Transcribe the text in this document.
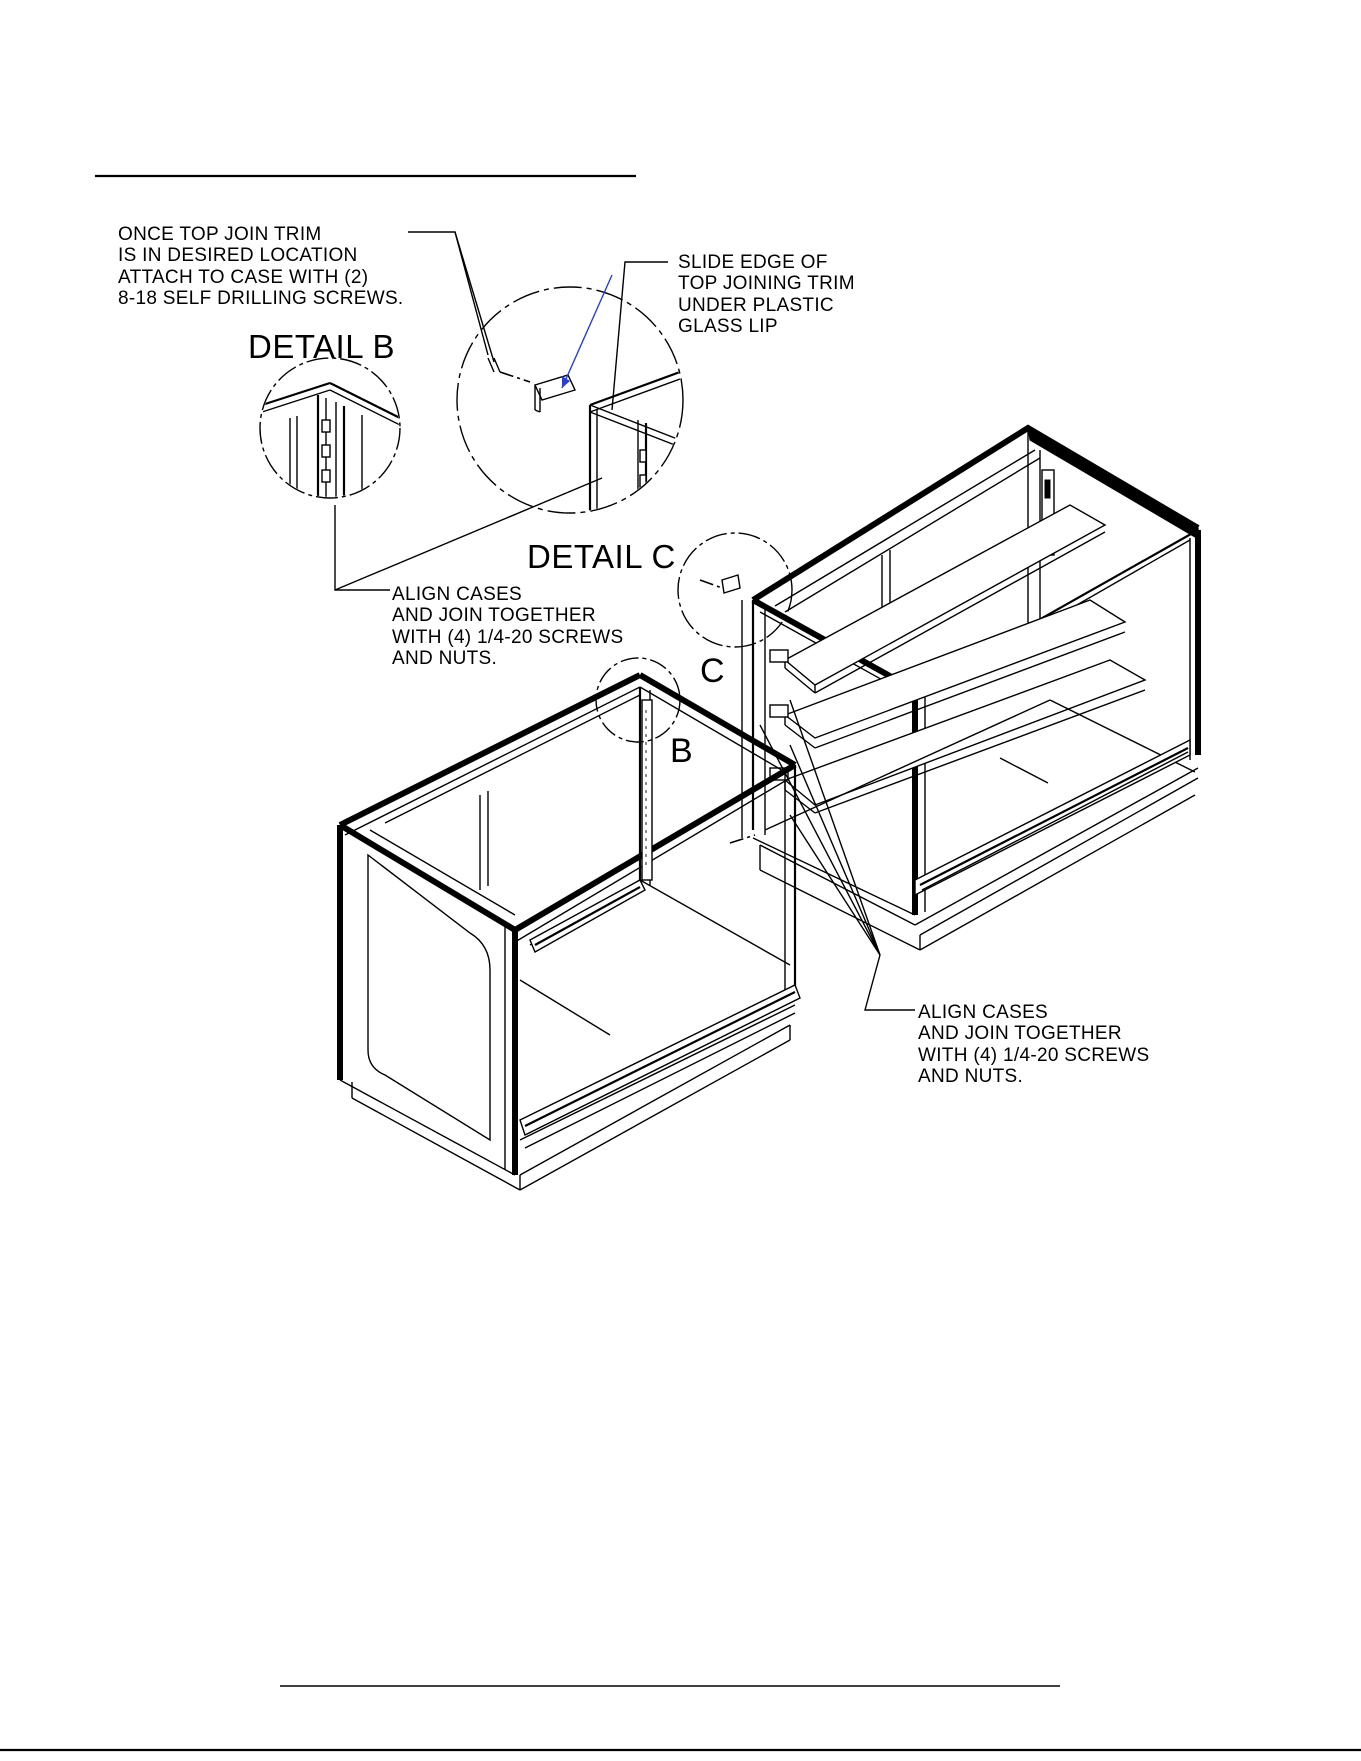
ONCE TOP JOIN TRIM
IS IN DESIRED LOCATION
ATTACH TO CASE WITH (2)
8-18 SELF DRILLING SCREWS.
DETAIL B
SLIDE EDGE OF
TOP JOINING TRIM
UNDER PLASTIC
GLASS LIP
DETAIL C
ALIGN CASES
AND JOIN TOGETHER
WITH (4) 1/4-20 SCREWS
AND NUTS.	C
B
ALIGN CASES
AND JOIN TOGETHER
WITH (4) 1/4-20 SCREWS
AND NUTS.
